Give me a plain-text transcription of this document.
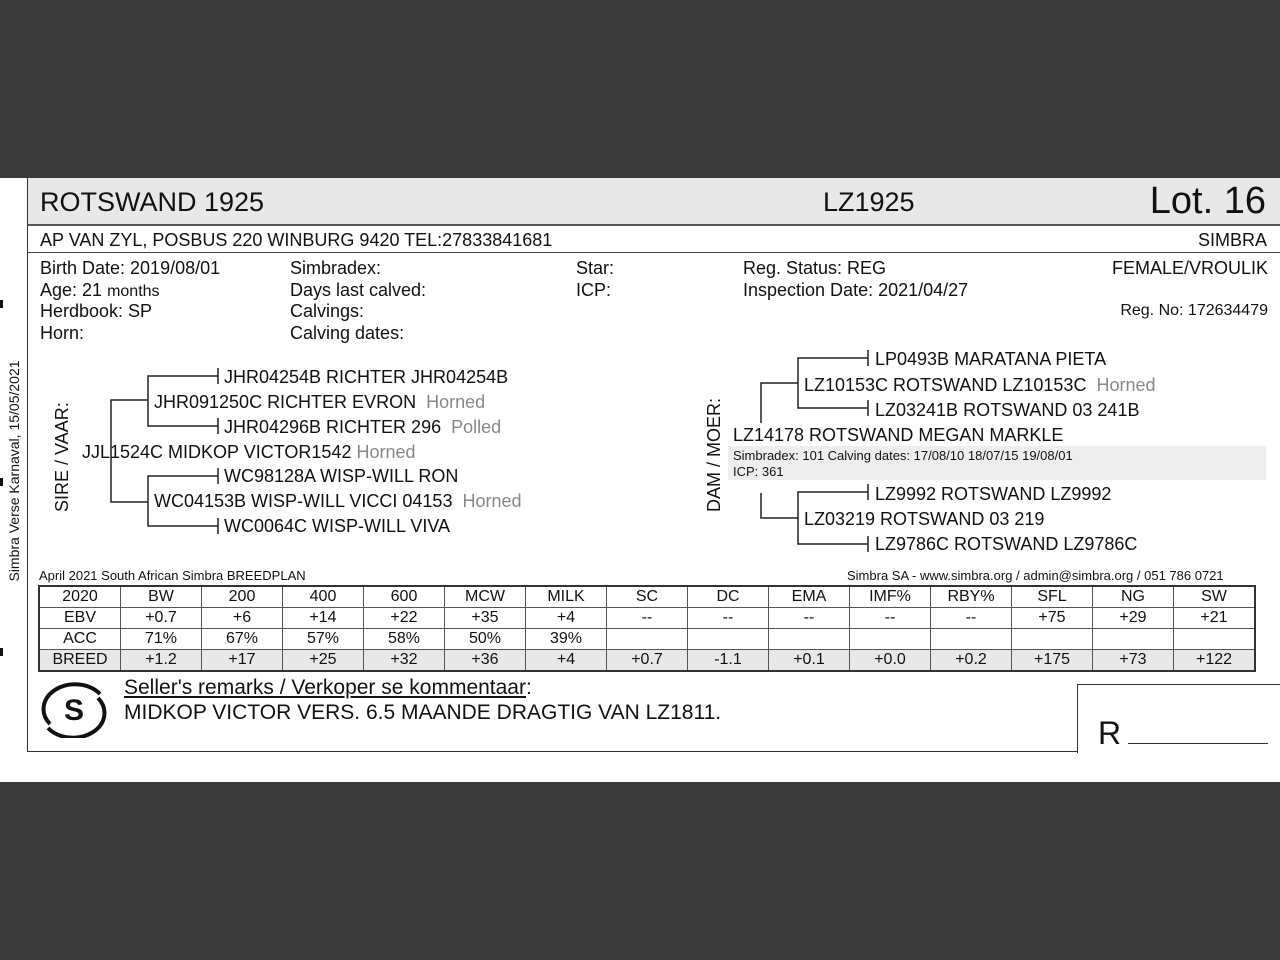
Simbra Verse Karnaval, 15/05/2021
ROTSWAND 1925	LZ1925	Lot. 16
AP VAN ZYL, POSBUS 220 WINBURG 9420 TEL:27833841681	SIMBRA
Birth Date: 2019/08/01
Age: 21 months
Herdbook: SP
Horn:
Simbradex:
Days last calved:
Calvings:
Calving dates:
Star:
ICP:
Reg. Status: REG
Inspection Date: 2021/04/27
FEMALE/VROULIK
Reg. No: 172634479
SIRE / VAAR: JJL1524C MIDKOP VICTOR1542 Horned
JHR091250C RICHTER EVRON Horned
JHR04254B RICHTER JHR04254B
JHR04296B RICHTER 296 Polled
WC04153B WISP-WILL VICCI 04153 Horned
WC98128A WISP-WILL RON
WC0064C WISP-WILL VIVA
DAM / MOER: LZ14178 ROTSWAND MEGAN MARKLE
LZ10153C ROTSWAND LZ10153C Horned
LP0493B MARATANA PIETA
LZ03241B ROTSWAND 03 241B
LZ03219 ROTSWAND 03 219
LZ9992 ROTSWAND LZ9992
LZ9786C ROTSWAND LZ9786C
Simbradex: 101 Calving dates: 17/08/10 18/07/15 19/08/01
ICP: 361
April 2021 South African Simbra BREEDPLAN	Simbra SA - www.simbra.org / admin@simbra.org / 051 786 0721
2020	BW	200	400	600	MCW	MILK	SC	DC	EMA	IMF%	RBY%	SFL	NG	SW
EBV	+0.7	+6	+14	+22	+35	+4	--	--	--	--	--	+75	+29	+21
ACC	71%	67%	57%	58%	50%	39%								
BREED	+1.2	+17	+25	+32	+36	+4	+0.7	-1.1	+0.1	+0.0	+0.2	+175	+73	+122
S
Seller's remarks / Verkoper se kommentaar:
MIDKOP VICTOR VERS. 6.5 MAANDE DRAGTIG VAN LZ1811.
R
